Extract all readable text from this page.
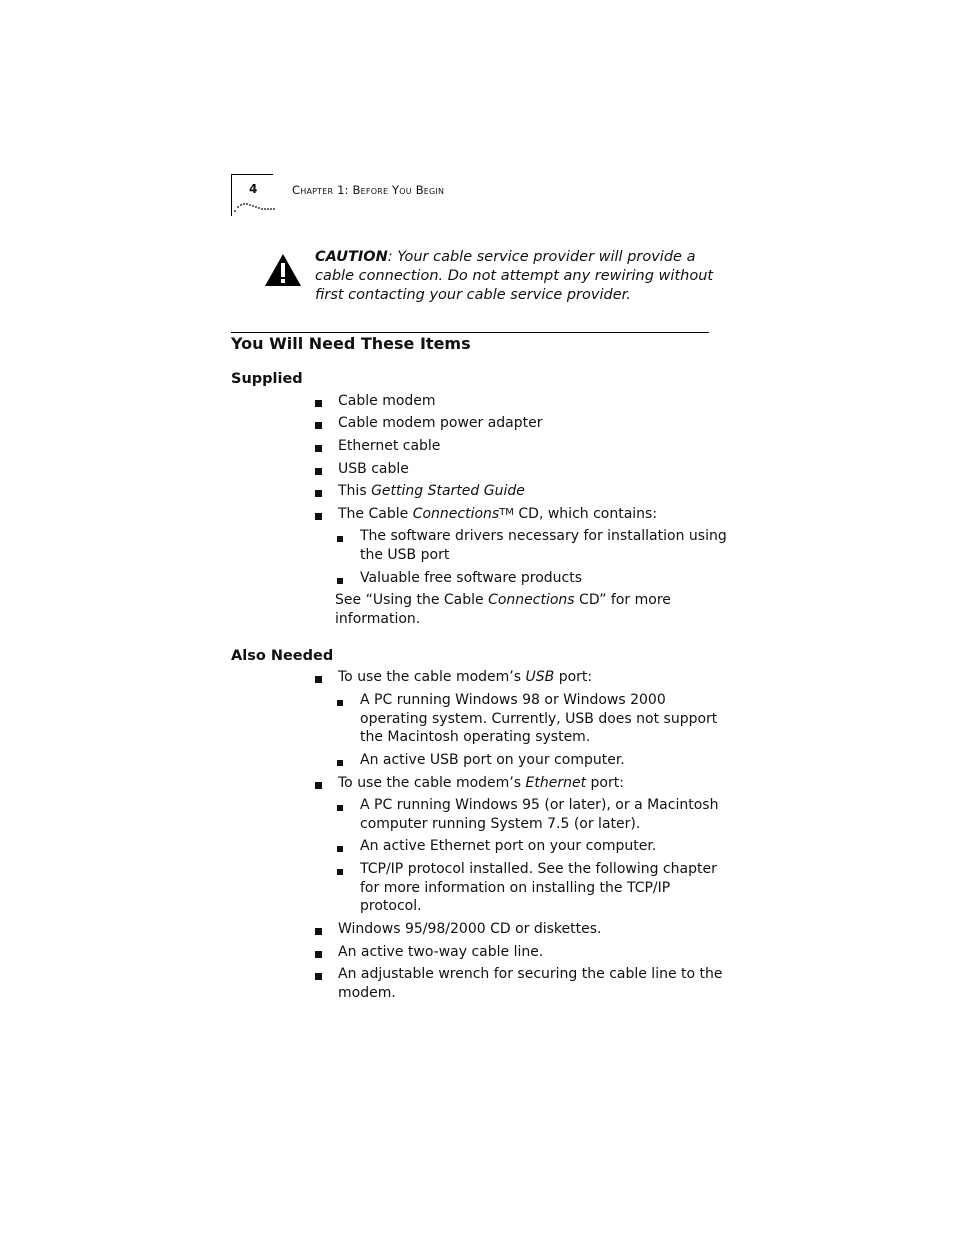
4	Chapter 1: Before You Begin
CAUTION: Your cable service provider will provide a cable connection. Do not attempt any rewiring without first contacting your cable service provider.
You Will Need These Items
Supplied
Cable modem
Cable modem power adapter
Ethernet cable
USB cable
This Getting Started Guide
The Cable Connections™ CD, which contains:
The software drivers necessary for installation using
the USB port
Valuable free software products
See “Using the Cable Connections CD” for more
information.
Also Needed
To use the cable modem’s USB port:
A PC running Windows 98 or Windows 2000
operating system. Currently, USB does not support
the Macintosh operating system.
An active USB port on your computer.
To use the cable modem’s Ethernet port:
A PC running Windows 95 (or later), or a Macintosh
computer running System 7.5 (or later).
An active Ethernet port on your computer.
TCP/IP protocol installed. See the following chapter
for more information on installing the TCP/IP
protocol.
Windows 95/98/2000 CD or diskettes.
An active two-way cable line.
An adjustable wrench for securing the cable line to the
modem.
